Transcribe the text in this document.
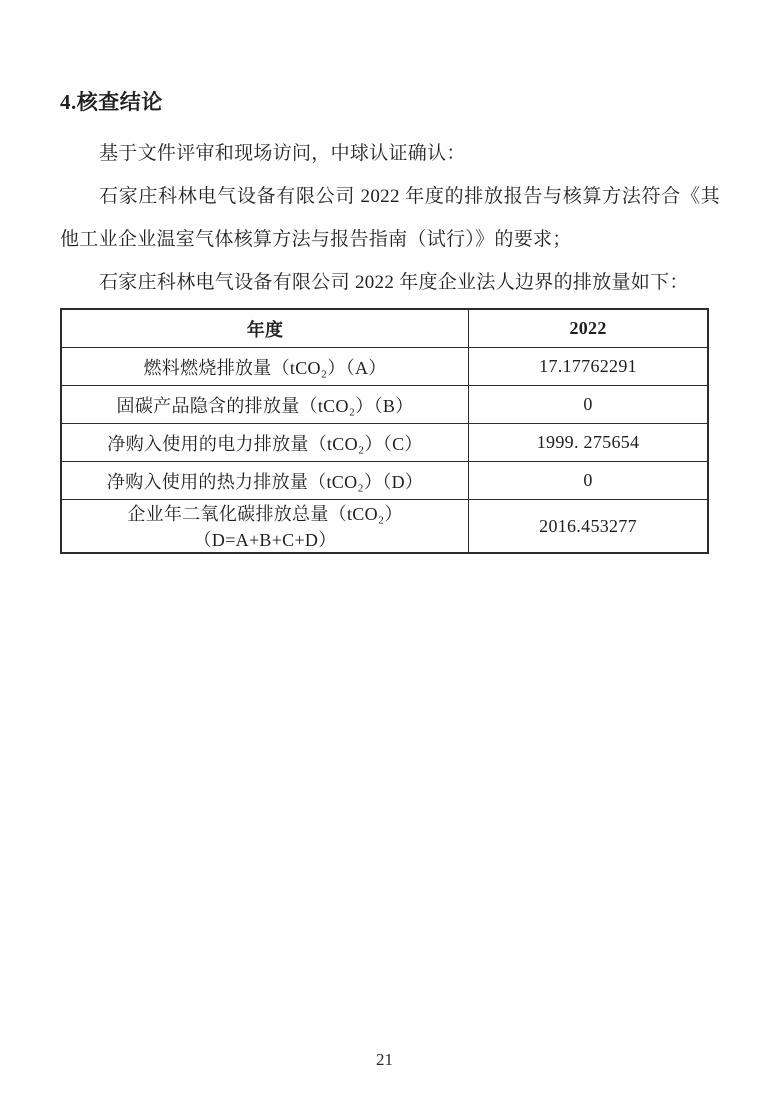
4.核查结论

基于文件评审和现场访问，中球认证确认：

石家庄科林电气设备有限公司 2022 年度的排放报告与核算方法符合《其他工业企业温室气体核算方法与报告指南（试行）》的要求；

石家庄科林电气设备有限公司 2022 年度企业法人边界的排放量如下：

年度	2022
燃料燃烧排放量（tCO₂）（A）	17.17762291
固碳产品隐含的排放量（tCO₂）（B）	0
净购入使用的电力排放量（tCO₂）（C）	1999. 275654
净购入使用的热力排放量（tCO₂）（D）	0
企业年二氧化碳排放总量（tCO₂）（D=A+B+C+D）	2016.453277
21
